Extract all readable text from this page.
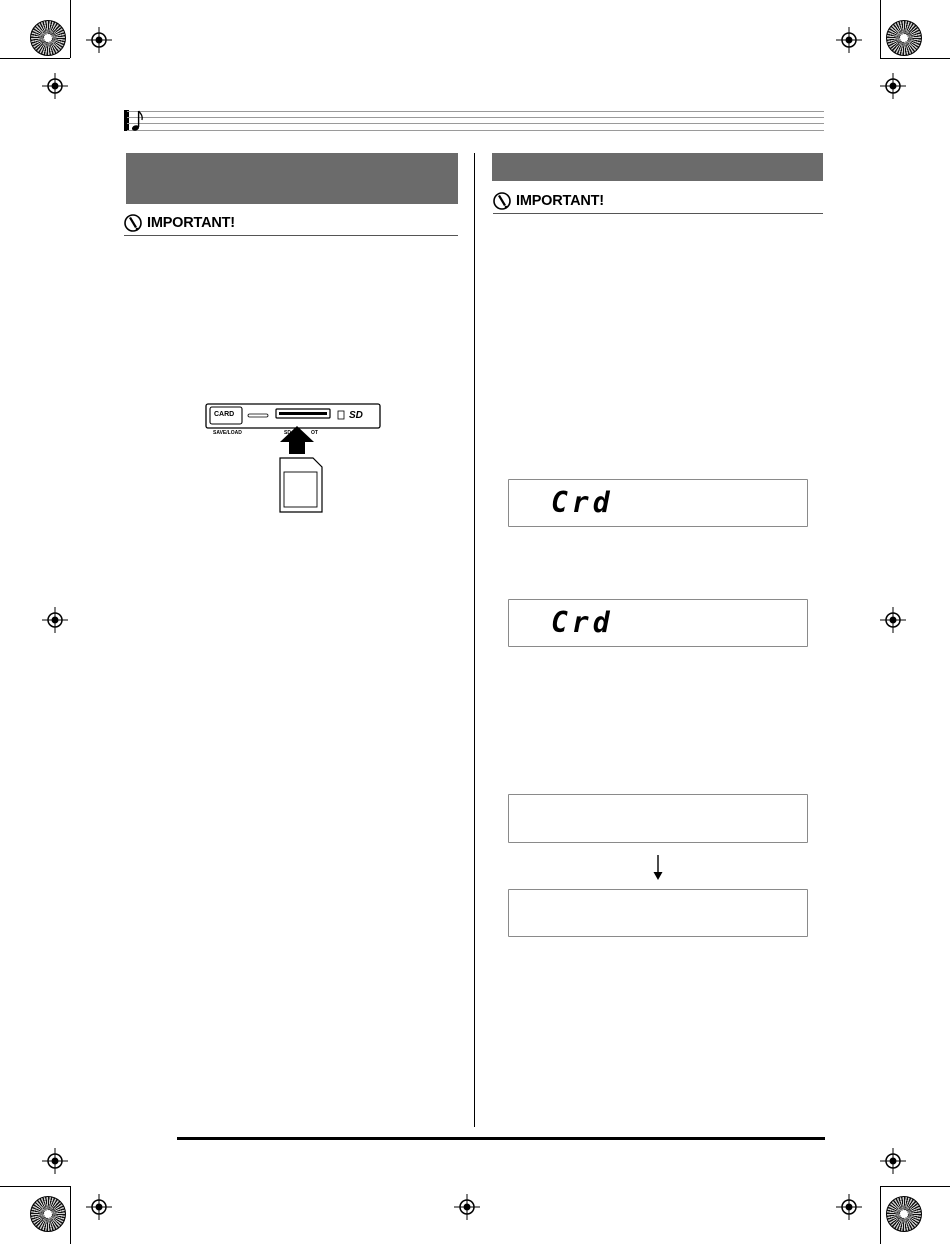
IMPORTANT!
CARD
SAVE/LOAD	SD	OT
SD
IMPORTANT!
Crd
Crd
